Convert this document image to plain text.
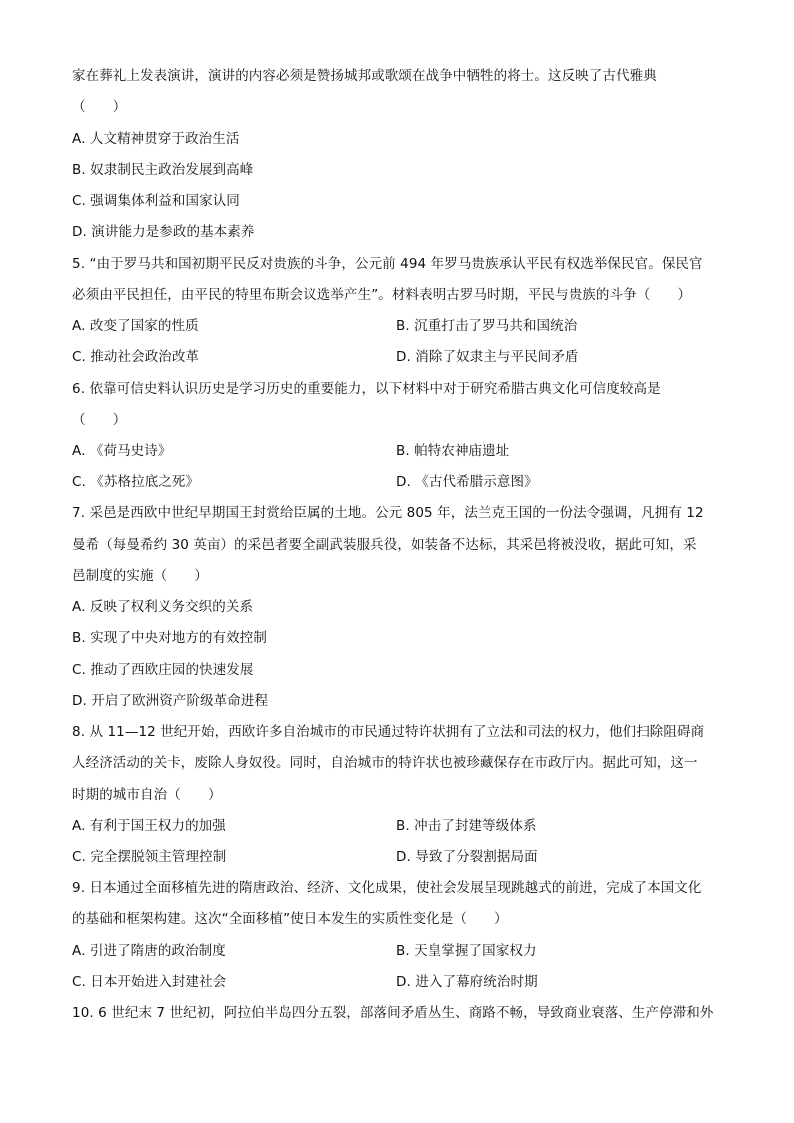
家在葬礼上发表演讲，演讲的内容必须是赞扬城邦或歌颂在战争中牺牲的将士。这反映了古代雅典
（　　）
A. 人文精神贯穿于政治生活
B. 奴隶制民主政治发展到高峰
C. 强调集体利益和国家认同
D. 演讲能力是参政的基本素养
5. “由于罗马共和国初期平民反对贵族的斗争，公元前 494 年罗马贵族承认平民有权选举保民官。保民官
必须由平民担任，由平民的特里布斯会议选举产生”。材料表明古罗马时期，平民与贵族的斗争（　　）
A. 改变了国家的性质	B. 沉重打击了罗马共和国统治
C. 推动社会政治改革	D. 消除了奴隶主与平民间矛盾
6. 依靠可信史料认识历史是学习历史的重要能力，以下材料中对于研究希腊古典文化可信度较高是
（　　）
A. 《荷马史诗》	B. 帕特农神庙遗址
C. 《苏格拉底之死》	D. 《古代希腊示意图》
7. 采邑是西欧中世纪早期国王封赏给臣属的土地。公元 805 年，法兰克王国的一份法令强调，凡拥有 12
曼希（每曼希约 30 英亩）的采邑者要全副武装服兵役，如装备不达标，其采邑将被没收，据此可知，采
邑制度的实施（　　）
A. 反映了权利义务交织的关系
B. 实现了中央对地方的有效控制
C. 推动了西欧庄园的快速发展
D. 开启了欧洲资产阶级革命进程
8. 从 11—12 世纪开始，西欧许多自治城市的市民通过特许状拥有了立法和司法的权力，他们扫除阻碍商
人经济活动的关卡，废除人身奴役。同时，自治城市的特许状也被珍藏保存在市政厅内。据此可知，这一
时期的城市自治（　　）
A. 有利于国王权力的加强	B. 冲击了封建等级体系
C. 完全摆脱领主管理控制	D. 导致了分裂割据局面
9. 日本通过全面移植先进的隋唐政治、经济、文化成果，使社会发展呈现跳越式的前进，完成了本国文化
的基础和框架构建。这次“全面移植”使日本发生的实质性变化是（　　）
A. 引进了隋唐的政治制度	B. 天皇掌握了国家权力
C. 日本开始进入封建社会	D. 进入了幕府统治时期
10. 6 世纪末 7 世纪初，阿拉伯半岛四分五裂，部落间矛盾丛生、商路不畅，导致商业衰落、生产停滞和外
